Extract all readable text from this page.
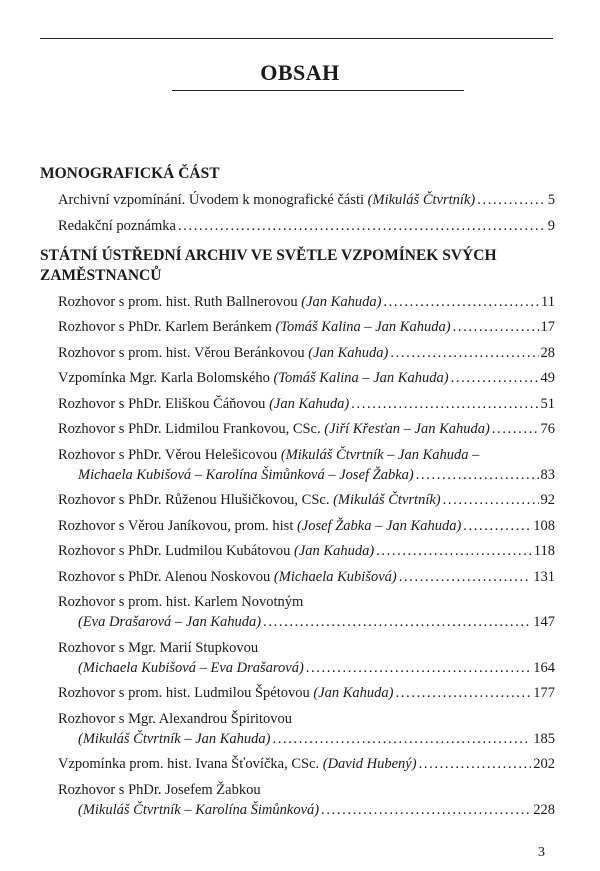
OBSAH
MONOGRAFICKÁ ČÁST
Archivní vzpomínání. Úvodem k monografické části (Mikuláš Čtvrtník) . . .	5
Redakční poznámka . . .	9
STÁTNÍ ÚSTŘEDNÍ ARCHIV VE SVĚTLE VZPOMÍNEK SVÝCH
ZAMĚSTNANCŮ
Rozhovor s prom. hist. Ruth Ballnerovou (Jan Kahuda) . . .	11
Rozhovor s PhDr. Karlem Beránkem (Tomáš Kalina – Jan Kahuda) . . .	17
Rozhovor s prom. hist. Věrou Beránkovou (Jan Kahuda) . . .	28
Vzpomínka Mgr. Karla Bolomského (Tomáš Kalina – Jan Kahuda) . . .	49
Rozhovor s PhDr. Eliškou Čáňovou (Jan Kahuda) . . .	51
Rozhovor s PhDr. Lidmilou Frankovou, CSc. (Jiří Křesťan – Jan Kahuda) . . .	76
Rozhovor s PhDr. Věrou Helešicovou (Mikuláš Čtvrtník – Jan Kahuda –
Michaela Kubišová – Karolína Šimůnková – Josef Žabka) . . .	83
Rozhovor s PhDr. Růženou Hlušičkovou, CSc. (Mikuláš Čtvrtník) . . .	92
Rozhovor s Věrou Janíkovou, prom. hist (Josef Žabka – Jan Kahuda) . . .	108
Rozhovor s PhDr. Ludmilou Kubátovou (Jan Kahuda) . . .	118
Rozhovor s PhDr. Alenou Noskovou (Michaela Kubišová) . . .	131
Rozhovor s prom. hist. Karlem Novotným
(Eva Drašarová – Jan Kahuda) . . .	147
Rozhovor s Mgr. Marií Stupkovou
(Michaela Kubišová – Eva Drašarová) . . .	164
Rozhovor s prom. hist. Ludmilou Špétovou (Jan Kahuda) . . .	177
Rozhovor s Mgr. Alexandrou Špiritovou
(Mikuláš Čtvrtník – Jan Kahuda) . . .	185
Vzpomínka prom. hist. Ivana Šťovíčka, CSc. (David Hubený) . . .	202
Rozhovor s PhDr. Josefem Žabkou
(Mikuláš Čtvrtník – Karolína Šimůnková) . . .	228
3
